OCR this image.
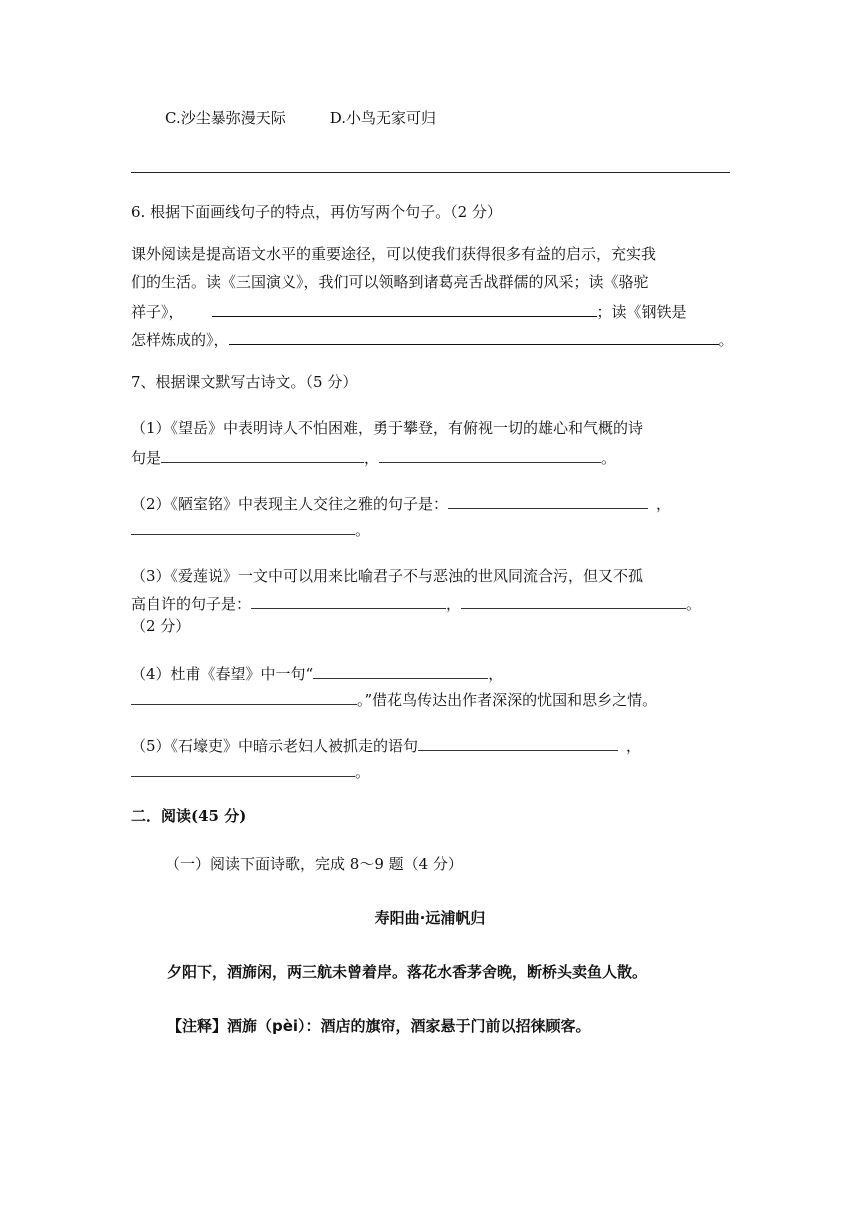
C.沙尘暴弥漫天际	D.小鸟无家可归
6. 根据下面画线句子的特点，再仿写两个句子。（2 分）
课外阅读是提高语文水平的重要途径，可以使我们获得很多有益的启示，充实我
们的生活。读《三国演义》，我们可以领略到诸葛亮舌战群儒的风采；读《骆驼
祥子》，	；读《钢铁是
怎样炼成的》，	。
7、根据课文默写古诗文。（5 分）
（1）《望岳》中表明诗人不怕困难，勇于攀登，有俯视一切的雄心和气概的诗
句是	，	。
（2）《陋室铭》中表现主人交往之雅的句子是：	，
。
（3）《爱莲说》一文中可以用来比喻君子不与恶浊的世风同流合污，但又不孤
高自许的句子是：	，	。
（2 分）
（4）杜甫《春望》中一句“	，
。”借花鸟传达出作者深深的忧国和思乡之情。
（5）《石壕吏》中暗示老妇人被抓走的语句	，
。
二．阅读(45 分)
（一）阅读下面诗歌，完成 8～9 题（4 分）
寿阳曲·远浦帆归
夕阳下，酒旆闲，两三航未曾着岸。落花水香茅舍晚，断桥头卖鱼人散。
【注释】酒旆（pèi）：酒店的旗帘，酒家悬于门前以招徕顾客。
